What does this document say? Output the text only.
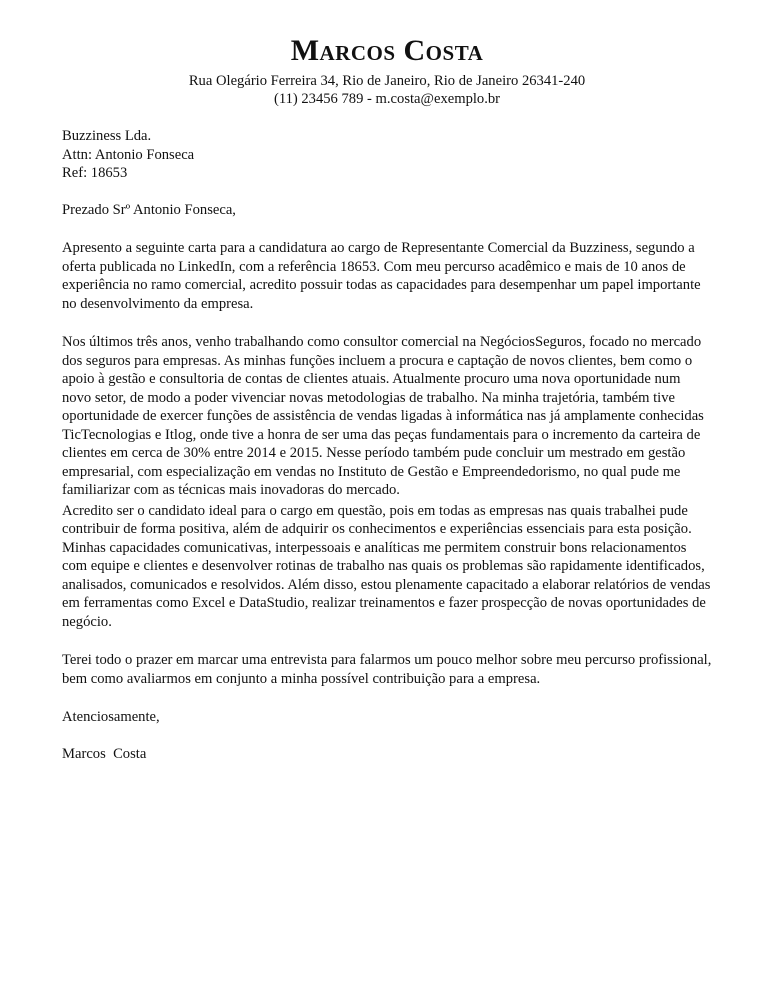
Marcos Costa
Rua Olegário Ferreira 34, Rio de Janeiro, Rio de Janeiro 26341-240
(11) 23456 789 - m.costa@exemplo.br
Buzziness Lda.
Attn: Antonio Fonseca
Ref: 18653
Prezado Srº Antonio Fonseca,

Apresento a seguinte carta para a candidatura ao cargo de Representante Comercial da Buzziness, segundo a oferta publicada no LinkedIn, com a referência 18653. Com meu percurso acadêmico e mais de 10 anos de experiência no ramo comercial, acredito possuir todas as capacidades para desempenhar um papel importante no desenvolvimento da empresa.

Nos últimos três anos, venho trabalhando como consultor comercial na NegóciosSeguros, focado no mercado dos seguros para empresas. As minhas funções incluem a procura e captação de novos clientes, bem como o apoio à gestão e consultoria de contas de clientes atuais. Atualmente procuro uma nova oportunidade num novo setor, de modo a poder vivenciar novas metodologias de trabalho. Na minha trajetória, também tive oportunidade de exercer funções de assistência de vendas ligadas à informática nas já amplamente conhecidas TicTecnologias e Itlog, onde tive a honra de ser uma das peças fundamentais para o incremento da carteira de clientes em cerca de 30% entre 2014 e 2015. Nesse período também pude concluir um mestrado em gestão empresarial, com especialização em vendas no Instituto de Gestão e Empreendedorismo, no qual pude me familiarizar com as técnicas mais inovadoras do mercado.

Acredito ser o candidato ideal para o cargo em questão, pois em todas as empresas nas quais trabalhei pude contribuir de forma positiva, além de adquirir os conhecimentos e experiências essenciais para esta posição. Minhas capacidades comunicativas, interpessoais e analíticas me permitem construir bons relacionamentos com equipe e clientes e desenvolver rotinas de trabalho nas quais os problemas são rapidamente identificados, analisados, comunicados e resolvidos. Além disso, estou plenamente capacitado a elaborar relatórios de vendas em ferramentas como Excel e DataStudio, realizar treinamentos e fazer prospecção de novas oportunidades de negócio.

Terei todo o prazer em marcar uma entrevista para falarmos um pouco melhor sobre meu percurso profissional, bem como avaliarmos em conjunto a minha possível contribuição para a empresa.

Atenciosamente,
Marcos  Costa
